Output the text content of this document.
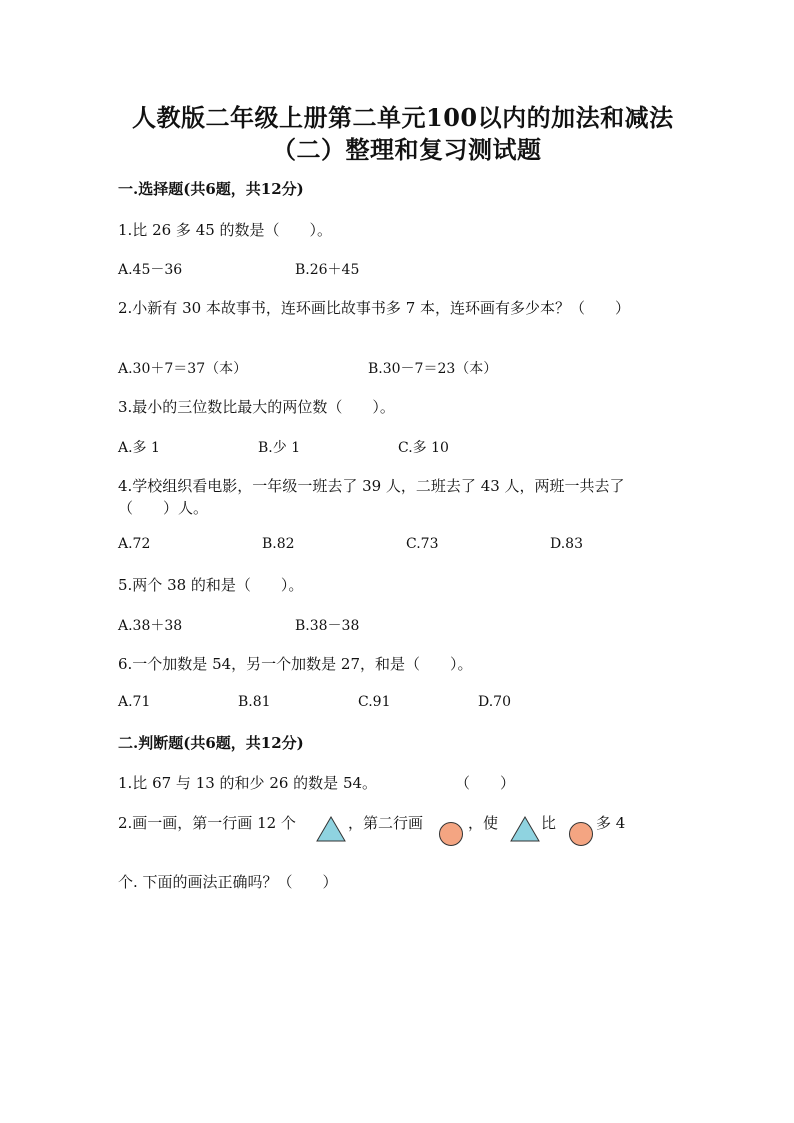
人教版二年级上册第二单元100以内的加法和减法
（二）整理和复习测试题
一.选择题(共6题，共12分)
1.比 26 多 45 的数是（　　）。
A.45－36	B.26＋45
2.小新有 30 本故事书，连环画比故事书多 7 本，连环画有多少本？（　　）
A.30＋7＝37（本）	B.30－7＝23（本）
3.最小的三位数比最大的两位数（　　）。
A.多 1	B.少 1	C.多 10
4.学校组织看电影，一年级一班去了 39 人，二班去了 43 人，两班一共去了
（　　）人。
A.72	B.82	C.73	D.83
5.两个 38 的和是（　　）。
A.38＋38	B.38－38
6.一个加数是 54，另一个加数是 27，和是（　　）。
A.71	B.81	C.91	D.70
二.判断题(共6题，共12分)
1.比 67 与 13 的和少 26 的数是 54。	（　　）
2.画一画，第一行画 12 个	，第二行画	，使	比	多 4
个. 下面的画法正确吗？（　　）
